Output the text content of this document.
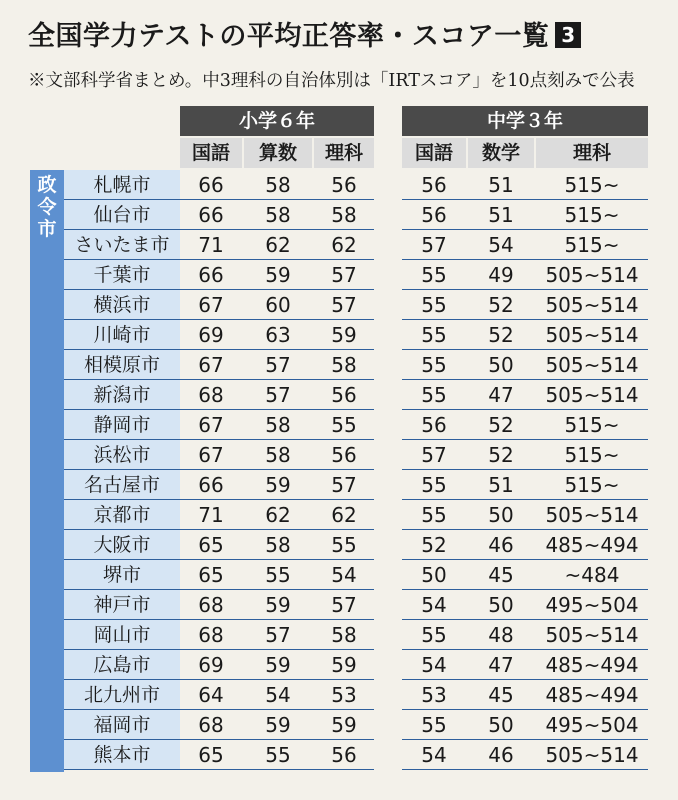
全国学力テストの平均正答率・スコア一覧 3
※文部科学省まとめ。中3理科の自治体別は「IRTスコア」を10点刻みで公表
小学６年	中学３年
国語	算数	理科	国語	数学	理科
政令市
札幌市	66	58	56	56	51	515~
仙台市	66	58	58	56	51	515~
さいたま市	71	62	62	57	54	515~
千葉市	66	59	57	55	49	505~514
横浜市	67	60	57	55	52	505~514
川崎市	69	63	59	55	52	505~514
相模原市	67	57	58	55	50	505~514
新潟市	68	57	56	55	47	505~514
静岡市	67	58	55	56	52	515~
浜松市	67	58	56	57	52	515~
名古屋市	66	59	57	55	51	515~
京都市	71	62	62	55	50	505~514
大阪市	65	58	55	52	46	485~494
堺市	65	55	54	50	45	~484
神戸市	68	59	57	54	50	495~504
岡山市	68	57	58	55	48	505~514
広島市	69	59	59	54	47	485~494
北九州市	64	54	53	53	45	485~494
福岡市	68	59	59	55	50	495~504
熊本市	65	55	56	54	46	505~514
